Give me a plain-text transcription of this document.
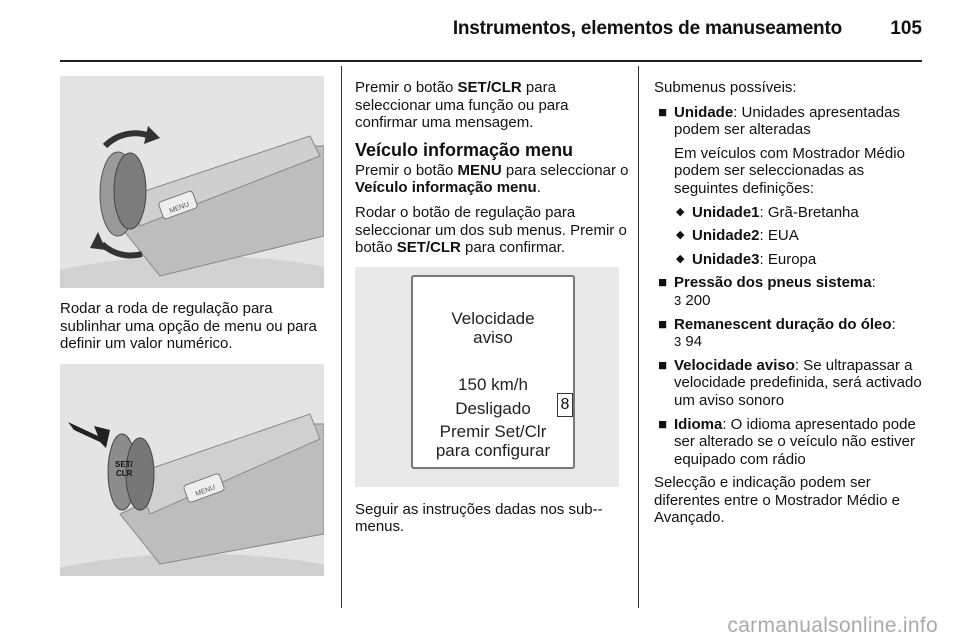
Instrumentos, elementos de manuseamento	105
MENU

Rodar a roda de regulação para sublinhar uma opção de menu ou para definir um valor numérico.

SET/
CLR
MENU

Premir o botão SET/CLR para seleccionar uma função ou para confirmar uma mensagem.

Veículo informação menu

Premir o botão MENU para seleccionar o Veículo informação menu.

Rodar o botão de regulação para seleccionar um dos sub menus. Premir o botão SET/CLR para confirmar.

Velocidade
aviso
150 km/h
Desligado
Premir Set/Clr
para configurar
8

Seguir as instruções dadas nos sub-menus.

Submenus possíveis:

■ Unidade: Unidades apresentadas podem ser alteradas
Em veículos com Mostrador Médio podem ser seleccionadas as seguintes definições:
◆ Unidade1: Grã-Bretanha
◆ Unidade2: EUA
◆ Unidade3: Europa
■ Pressão dos pneus sistema:
3 200
■ Remanescent duração do óleo:
3 94
■ Velocidade aviso: Se ultrapassar a velocidade predefinida, será activado um aviso sonoro
■ Idioma: O idioma apresentado pode ser alterado se o veículo não estiver equipado com rádio

Selecção e indicação podem ser diferentes entre o Mostrador Médio e Avançado.

carmanualsonline.info
